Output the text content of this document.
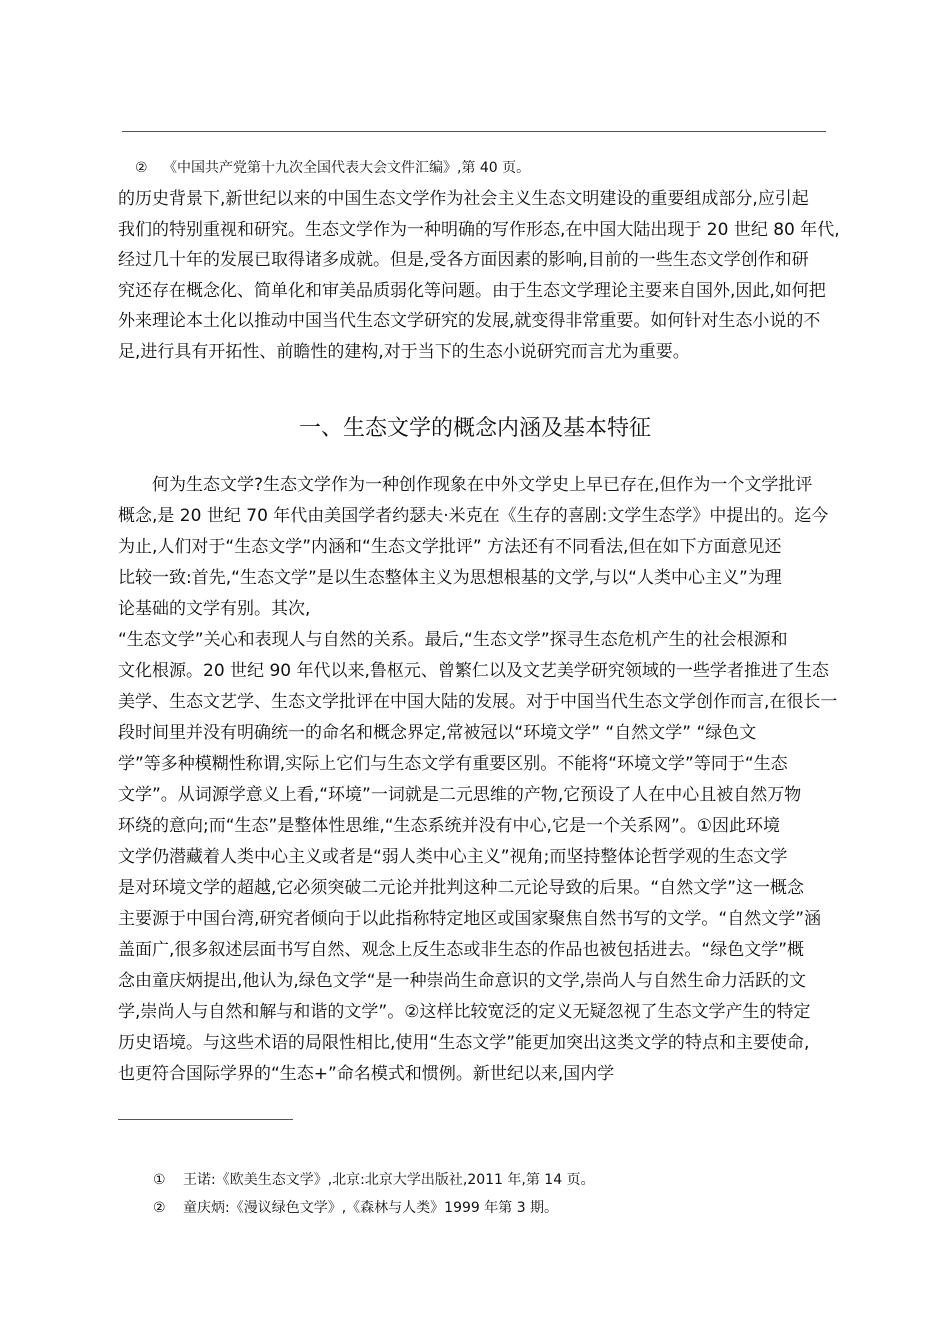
② 《中国共产党第十九次全国代表大会文件汇编》,第 40 页。
的历史背景下,新世纪以来的中国生态文学作为社会主义生态文明建设的重要组成部分,应引起
我们的特别重视和研究。生态文学作为一种明确的写作形态,在中国大陆出现于 20 世纪 80 年代,
经过几十年的发展已取得诸多成就。但是,受各方面因素的影响,目前的一些生态文学创作和研
究还存在概念化、简单化和审美品质弱化等问题。由于生态文学理论主要来自国外,因此,如何把
外来理论本土化以推动中国当代生态文学研究的发展,就变得非常重要。如何针对生态小说的不
足,进行具有开拓性、前瞻性的建构,对于当下的生态小说研究而言尤为重要。
一、生态文学的概念内涵及基本特征
何为生态文学?生态文学作为一种创作现象在中外文学史上早已存在,但作为一个文学批评
概念,是 20 世纪 70 年代由美国学者约瑟夫·米克在《生存的喜剧:文学生态学》中提出的。迄今
为止,人们对于“生态文学”内涵和“生态文学批评” 方法还有不同看法,但在如下方面意见还
比较一致:首先,“生态文学”是以生态整体主义为思想根基的文学,与以“人类中心主义”为理
论基础的文学有别。其次,
“生态文学”关心和表现人与自然的关系。最后,“生态文学”探寻生态危机产生的社会根源和
文化根源。20 世纪 90 年代以来,鲁枢元、曾繁仁以及文艺美学研究领域的一些学者推进了生态
美学、生态文艺学、生态文学批评在中国大陆的发展。对于中国当代生态文学创作而言,在很长一
段时间里并没有明确统一的命名和概念界定,常被冠以“环境文学” “自然文学” “绿色文
学”等多种模糊性称谓,实际上它们与生态文学有重要区别。不能将“环境文学”等同于“生态
文学”。从词源学意义上看,“环境”一词就是二元思维的产物,它预设了人在中心且被自然万物
环绕的意向;而“生态”是整体性思维,“生态系统并没有中心,它是一个关系网”。①因此环境
文学仍潜藏着人类中心主义或者是“弱人类中心主义”视角;而坚持整体论哲学观的生态文学
是对环境文学的超越,它必须突破二元论并批判这种二元论导致的后果。“自然文学”这一概念
主要源于中国台湾,研究者倾向于以此指称特定地区或国家聚焦自然书写的文学。“自然文学”涵
盖面广,很多叙述层面书写自然、观念上反生态或非生态的作品也被包括进去。“绿色文学”概
念由童庆炳提出,他认为,绿色文学“是一种崇尚生命意识的文学,崇尚人与自然生命力活跃的文
学,崇尚人与自然和解与和谐的文学”。②这样比较宽泛的定义无疑忽视了生态文学产生的特定
历史语境。与这些术语的局限性相比,使用“生态文学”能更加突出这类文学的特点和主要使命,
也更符合国际学界的“生态+”命名模式和惯例。新世纪以来,国内学
① 王诺:《欧美生态文学》,北京:北京大学出版社,2011 年,第 14 页。
② 童庆炳:《漫议绿色文学》,《森林与人类》1999 年第 3 期。
